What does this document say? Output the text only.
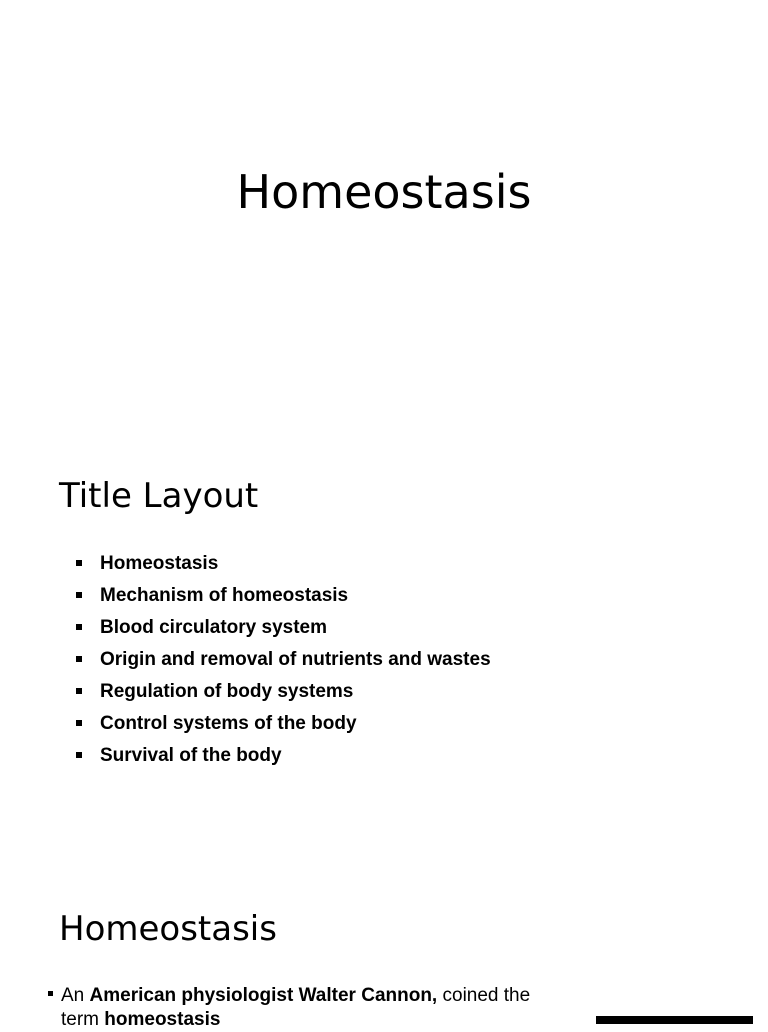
Homeostasis
Title Layout
Homeostasis
Mechanism of homeostasis
Blood circulatory system
Origin and removal of nutrients and wastes
Regulation of body systems
Control systems of the body
Survival of the body
Homeostasis
An American physiologist Walter Cannon, coined the term homeostasis
